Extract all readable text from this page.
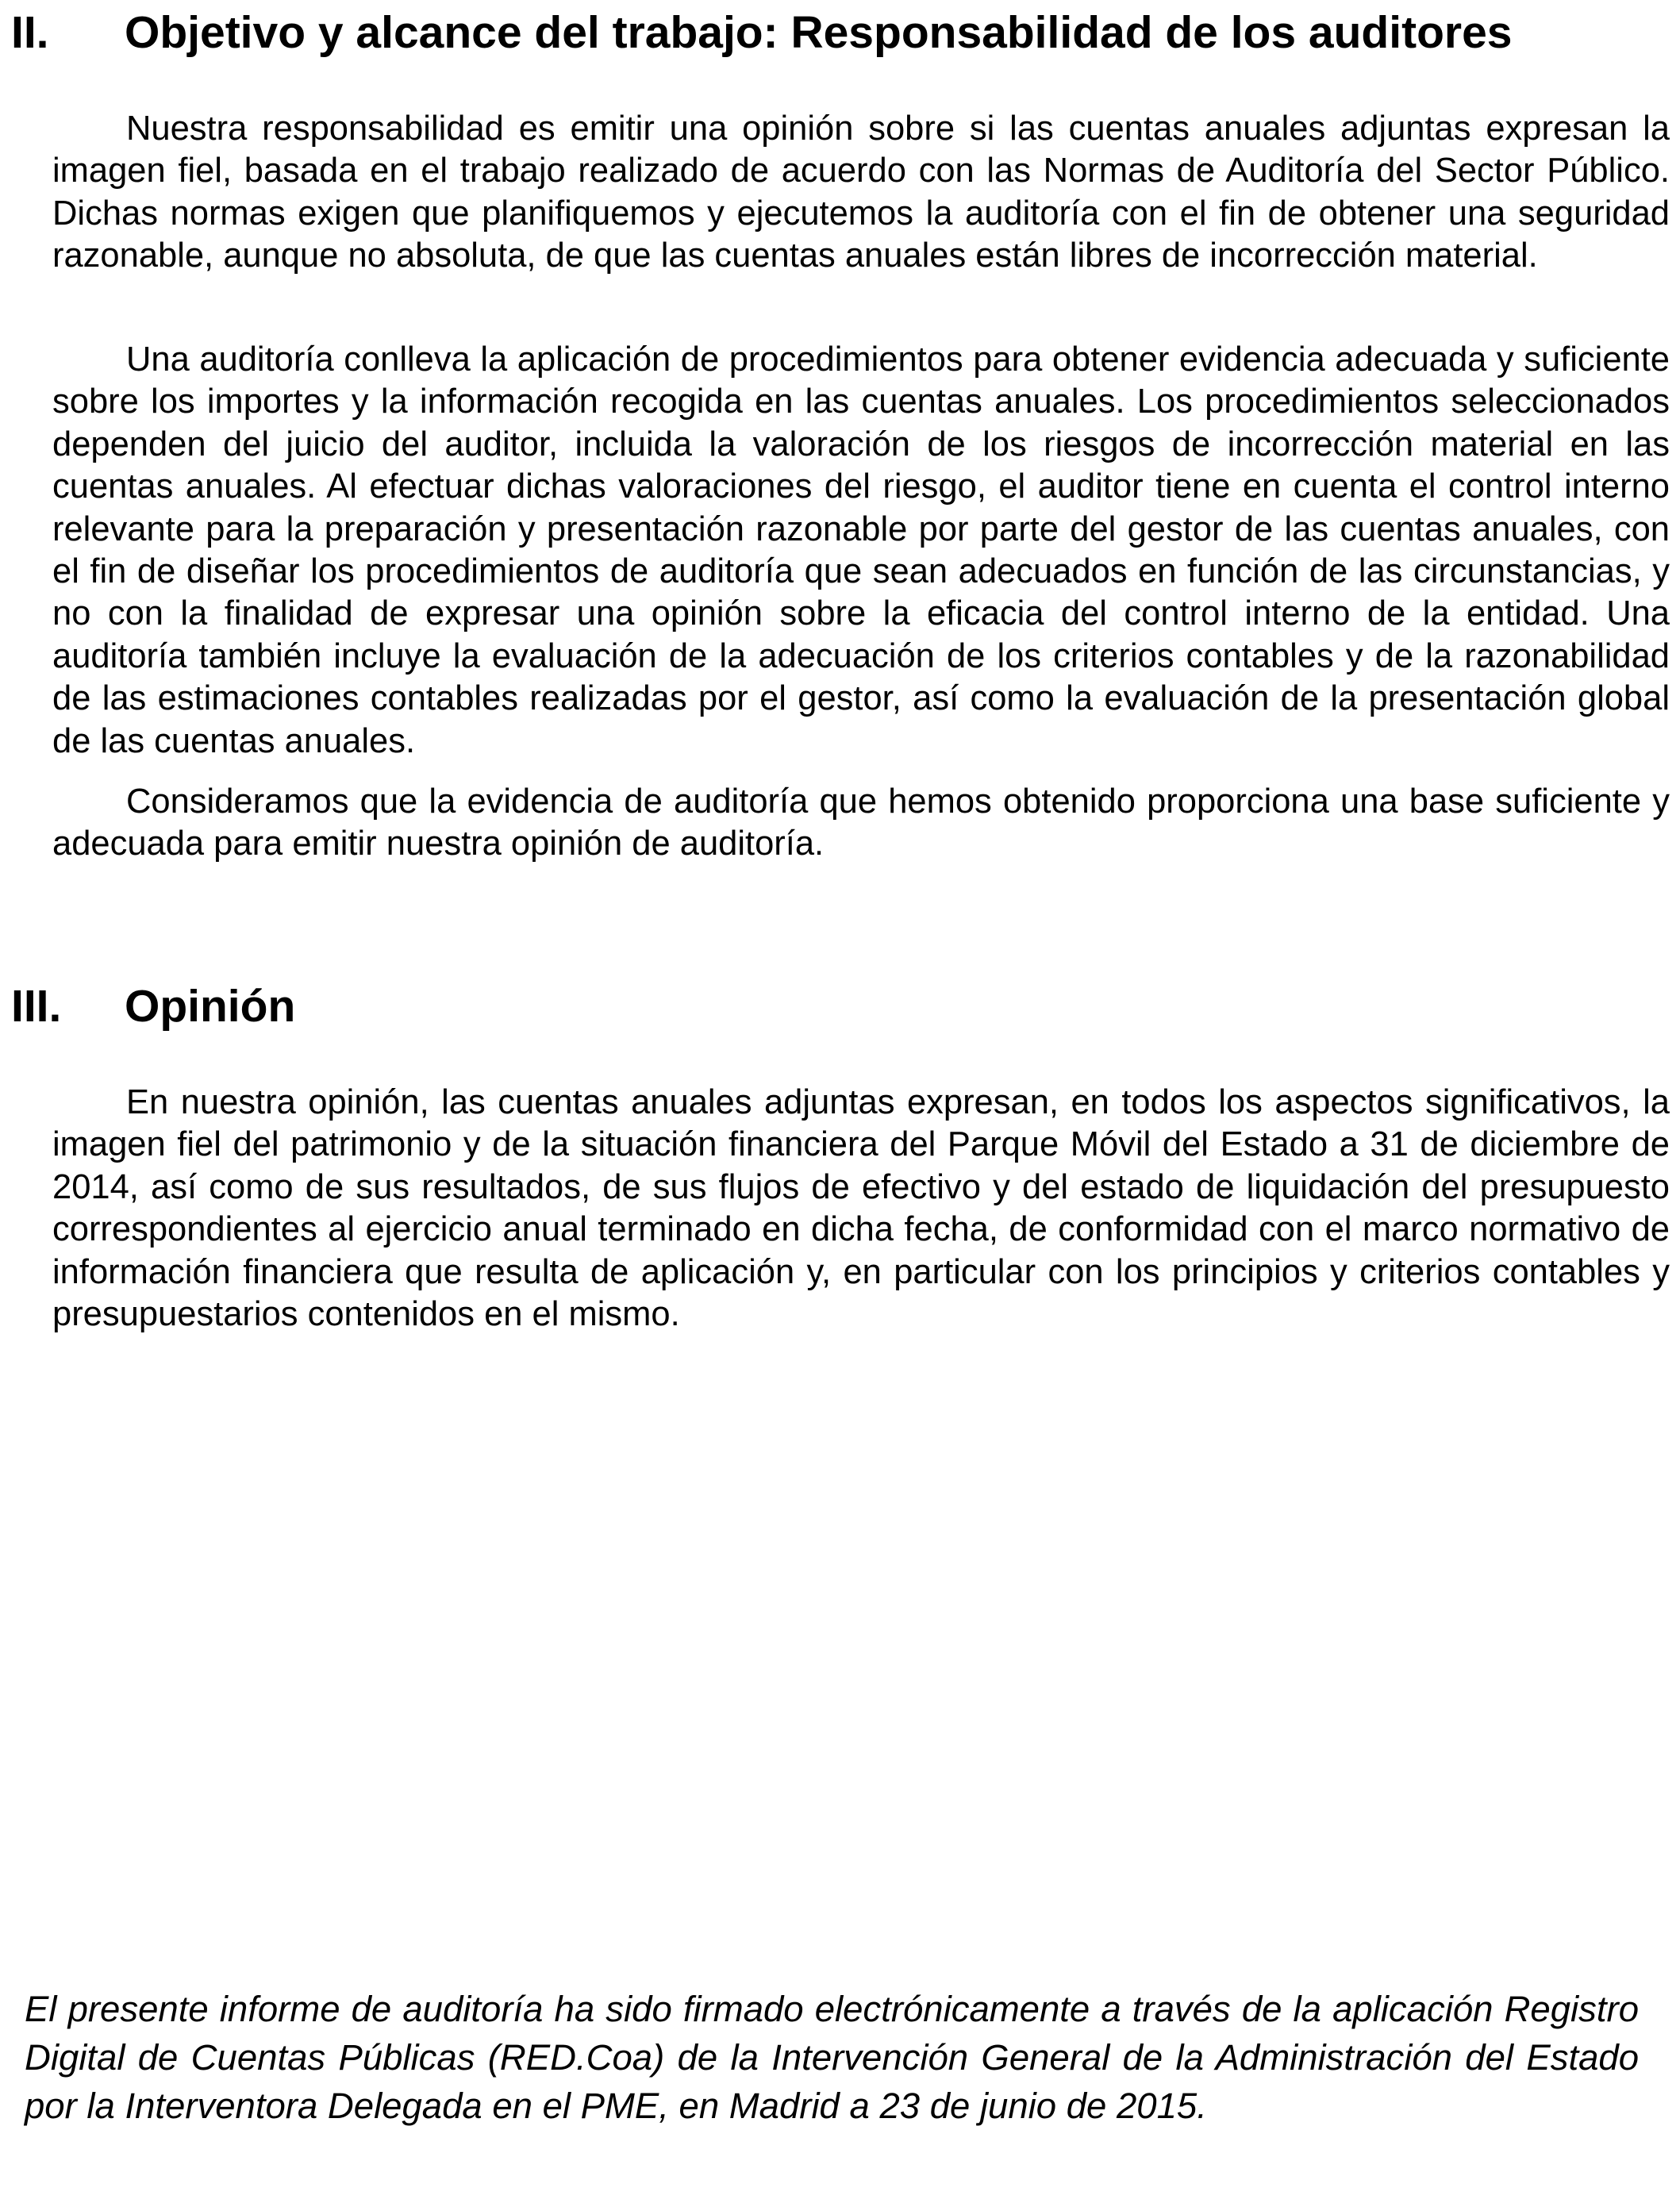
II. Objetivo y alcance del trabajo: Responsabilidad de los auditores

Nuestra responsabilidad es emitir una opinión sobre si las cuentas anuales adjuntas expresan la imagen fiel, basada en el trabajo realizado de acuerdo con las Normas de Auditoría del Sector Público. Dichas normas exigen que planifiquemos y ejecutemos la auditoría con el fin de obtener una seguridad razonable, aunque no absoluta, de que las cuentas anuales están libres de incorrección material.

Una auditoría conlleva la aplicación de procedimientos para obtener evidencia adecuada y suficiente sobre los importes y la información recogida en las cuentas anuales. Los procedimientos seleccionados dependen del juicio del auditor, incluida la valoración de los riesgos de incorrección material en las cuentas anuales. Al efectuar dichas valoraciones del riesgo, el auditor tiene en cuenta el control interno relevante para la preparación y presentación razonable por parte del gestor de las cuentas anuales, con el fin de diseñar los procedimientos de auditoría que sean adecuados en función de las circunstancias, y no con la finalidad de expresar una opinión sobre la eficacia del control interno de la entidad. Una auditoría también incluye la evaluación de la adecuación de los criterios contables y de la razonabilidad de las estimaciones contables realizadas por el gestor, así como la evaluación de la presentación global de las cuentas anuales.

Consideramos que la evidencia de auditoría que hemos obtenido proporciona una base suficiente y adecuada para emitir nuestra opinión de auditoría.

III. Opinión

En nuestra opinión, las cuentas anuales adjuntas expresan, en todos los aspectos significativos, la imagen fiel del patrimonio y de la situación financiera del Parque Móvil del Estado a 31 de diciembre de 2014, así como de sus resultados, de sus flujos de efectivo y del estado de liquidación del presupuesto correspondientes al ejercicio anual terminado en dicha fecha, de conformidad con el marco normativo de información financiera que resulta de aplicación y, en particular con los principios y criterios contables y presupuestarios contenidos en el mismo.

El presente informe de auditoría ha sido firmado electrónicamente a través de la aplicación Registro Digital de Cuentas Públicas (RED.Coa) de la Intervención General de la Administración del Estado por la Interventora Delegada en el PME, en Madrid a 23 de junio de 2015.
